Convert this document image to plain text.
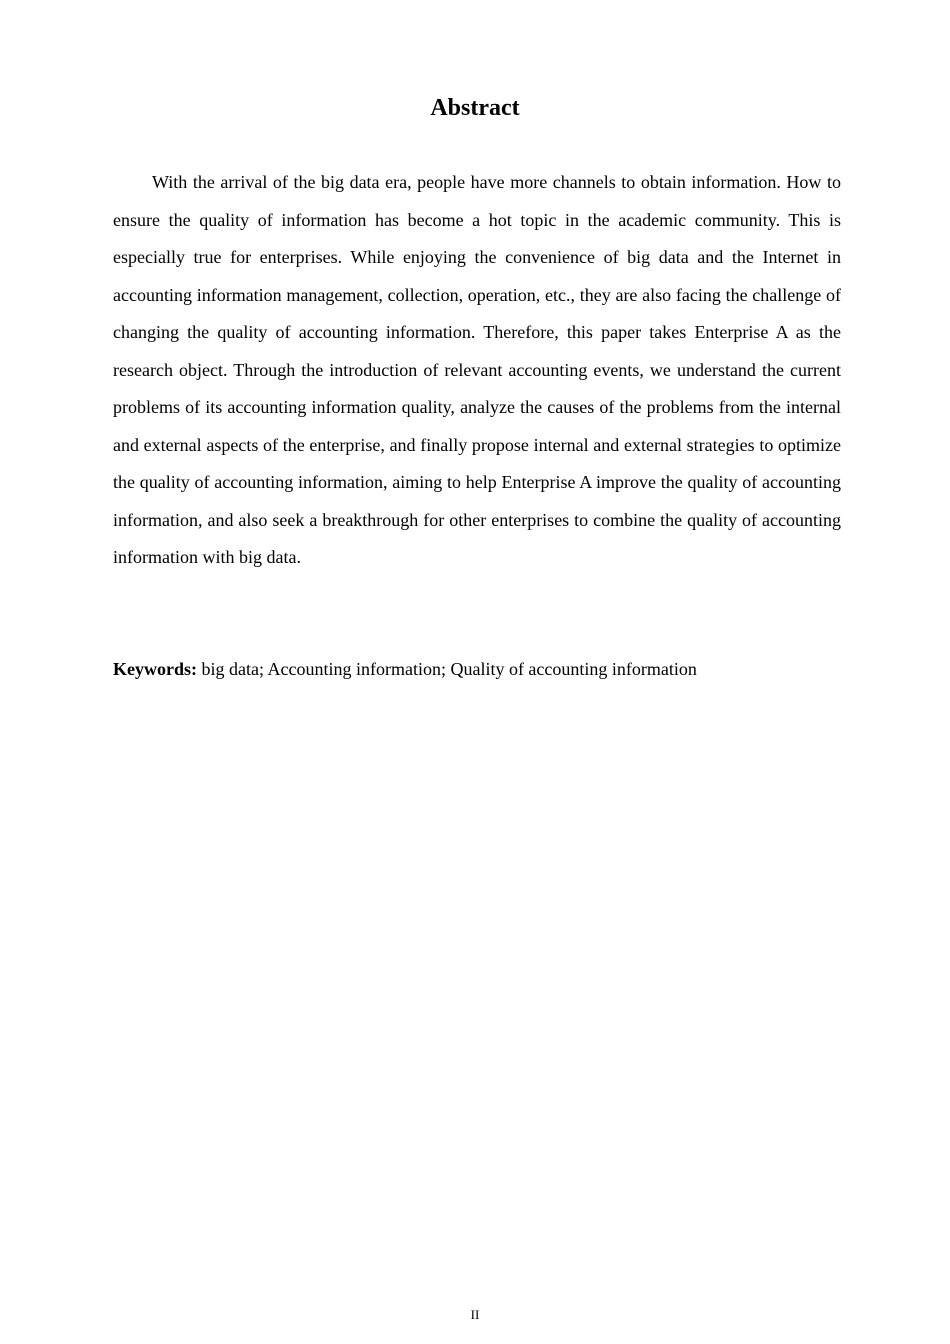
Abstract

With the arrival of the big data era, people have more channels to obtain information. How to ensure the quality of information has become a hot topic in the academic community. This is especially true for enterprises. While enjoying the convenience of big data and the Internet in accounting information management, collection, operation, etc., they are also facing the challenge of changing the quality of accounting information. Therefore, this paper takes Enterprise A as the research object. Through the introduction of relevant accounting events, we understand the current problems of its accounting information quality, analyze the causes of the problems from the internal and external aspects of the enterprise, and finally propose internal and external strategies to optimize the quality of accounting information, aiming to help Enterprise A improve the quality of accounting information, and also seek a breakthrough for other enterprises to combine the quality of accounting information with big data.

Keywords: big data; Accounting information; Quality of accounting information

II
